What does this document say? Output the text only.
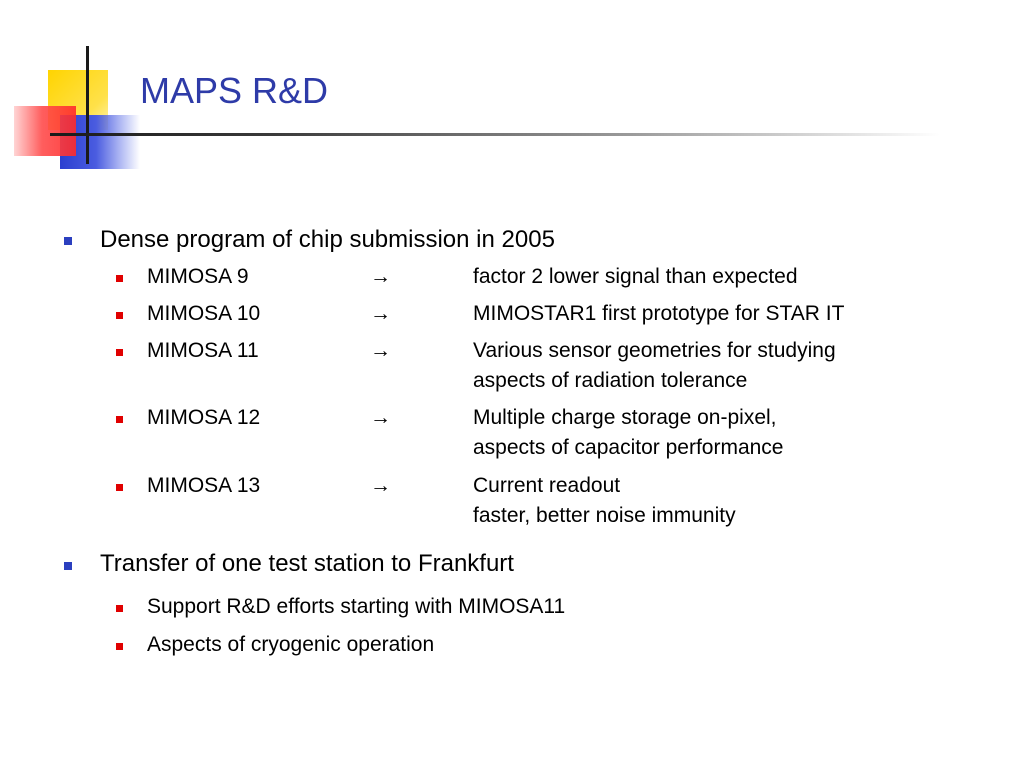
MAPS R&D
Dense program of chip submission in 2005
MIMOSA 9	→	factor 2 lower signal than expected
MIMOSA 10	→	MIMOSTAR1 first prototype for STAR IT
MIMOSA 11	→	Various sensor geometries for studying
aspects of radiation tolerance
MIMOSA 12	→	Multiple charge storage on-pixel,
aspects of capacitor performance
MIMOSA 13	→	Current readout
faster, better noise immunity
Transfer of one test station to Frankfurt
Support R&D efforts starting with MIMOSA11
Aspects of cryogenic operation
